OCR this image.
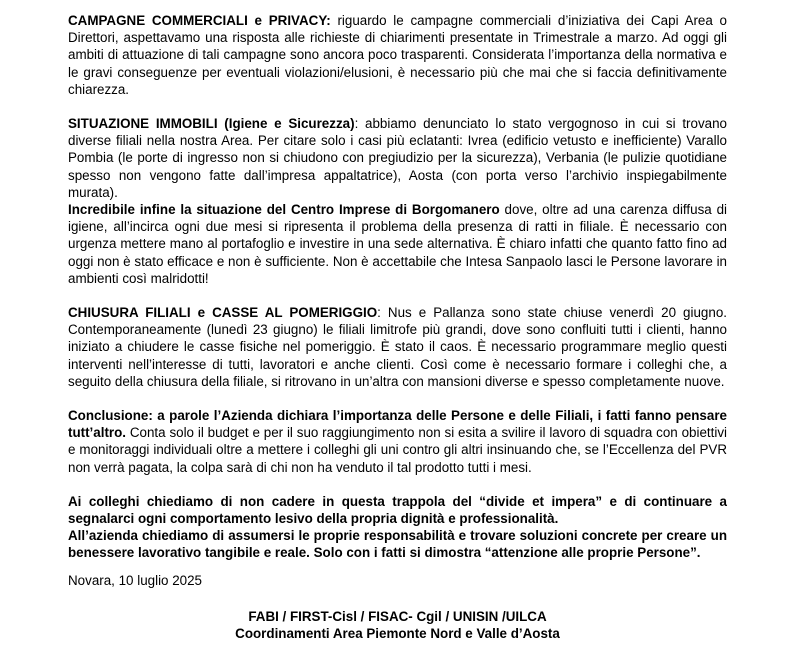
CAMPAGNE COMMERCIALI e PRIVACY: riguardo le campagne commerciali d’iniziativa dei Capi Area o Direttori, aspettavamo una risposta alle richieste di chiarimenti presentate in Trimestrale a marzo. Ad oggi gli ambiti di attuazione di tali campagne sono ancora poco trasparenti. Considerata l’importanza della normativa e le gravi conseguenze per eventuali violazioni/elusioni, è necessario più che mai che si faccia definitivamente chiarezza.

SITUAZIONE IMMOBILI (Igiene e Sicurezza): abbiamo denunciato lo stato vergognoso in cui si trovano diverse filiali nella nostra Area. Per citare solo i casi più eclatanti: Ivrea (edificio vetusto e inefficiente) Varallo Pombia (le porte di ingresso non si chiudono con pregiudizio per la sicurezza), Verbania (le pulizie quotidiane spesso non vengono fatte dall’impresa appaltatrice), Aosta (con porta verso l’archivio inspiegabilmente murata).
Incredibile infine la situazione del Centro Imprese di Borgomanero dove, oltre ad una carenza diffusa di igiene, all’incirca ogni due mesi si ripresenta il problema della presenza di ratti in filiale. È necessario con urgenza mettere mano al portafoglio e investire in una sede alternativa. È chiaro infatti che quanto fatto fino ad oggi non è stato efficace e non è sufficiente. Non è accettabile che Intesa Sanpaolo lasci le Persone lavorare in ambienti così malridotti!

CHIUSURA FILIALI e CASSE AL POMERIGGIO: Nus e Pallanza sono state chiuse venerdì 20 giugno. Contemporaneamente (lunedì 23 giugno) le filiali limitrofe più grandi, dove sono confluiti tutti i clienti, hanno iniziato a chiudere le casse fisiche nel pomeriggio. È stato il caos. È necessario programmare meglio questi interventi nell’interesse di tutti, lavoratori e anche clienti. Così come è necessario formare i colleghi che, a seguito della chiusura della filiale, si ritrovano in un’altra con mansioni diverse e spesso completamente nuove.

Conclusione: a parole l’Azienda dichiara l’importanza delle Persone e delle Filiali, i fatti fanno pensare tutt’altro. Conta solo il budget e per il suo raggiungimento non si esita a svilire il lavoro di squadra con obiettivi e monitoraggi individuali oltre a mettere i colleghi gli uni contro gli altri insinuando che, se l’Eccellenza del PVR non verrà pagata, la colpa sarà di chi non ha venduto il tal prodotto tutti i mesi.

Ai colleghi chiediamo di non cadere in questa trappola del “divide et impera” e di continuare a segnalarci ogni comportamento lesivo della propria dignità e professionalità.

All’azienda chiediamo di assumersi le proprie responsabilità e trovare soluzioni concrete per creare un benessere lavorativo tangibile e reale. Solo con i fatti si dimostra “attenzione alle proprie Persone”.

Novara, 10 luglio 2025
FABI / FIRST-Cisl / FISAC- Cgil / UNISIN /UILCA
Coordinamenti Area Piemonte Nord e Valle d’Aosta
